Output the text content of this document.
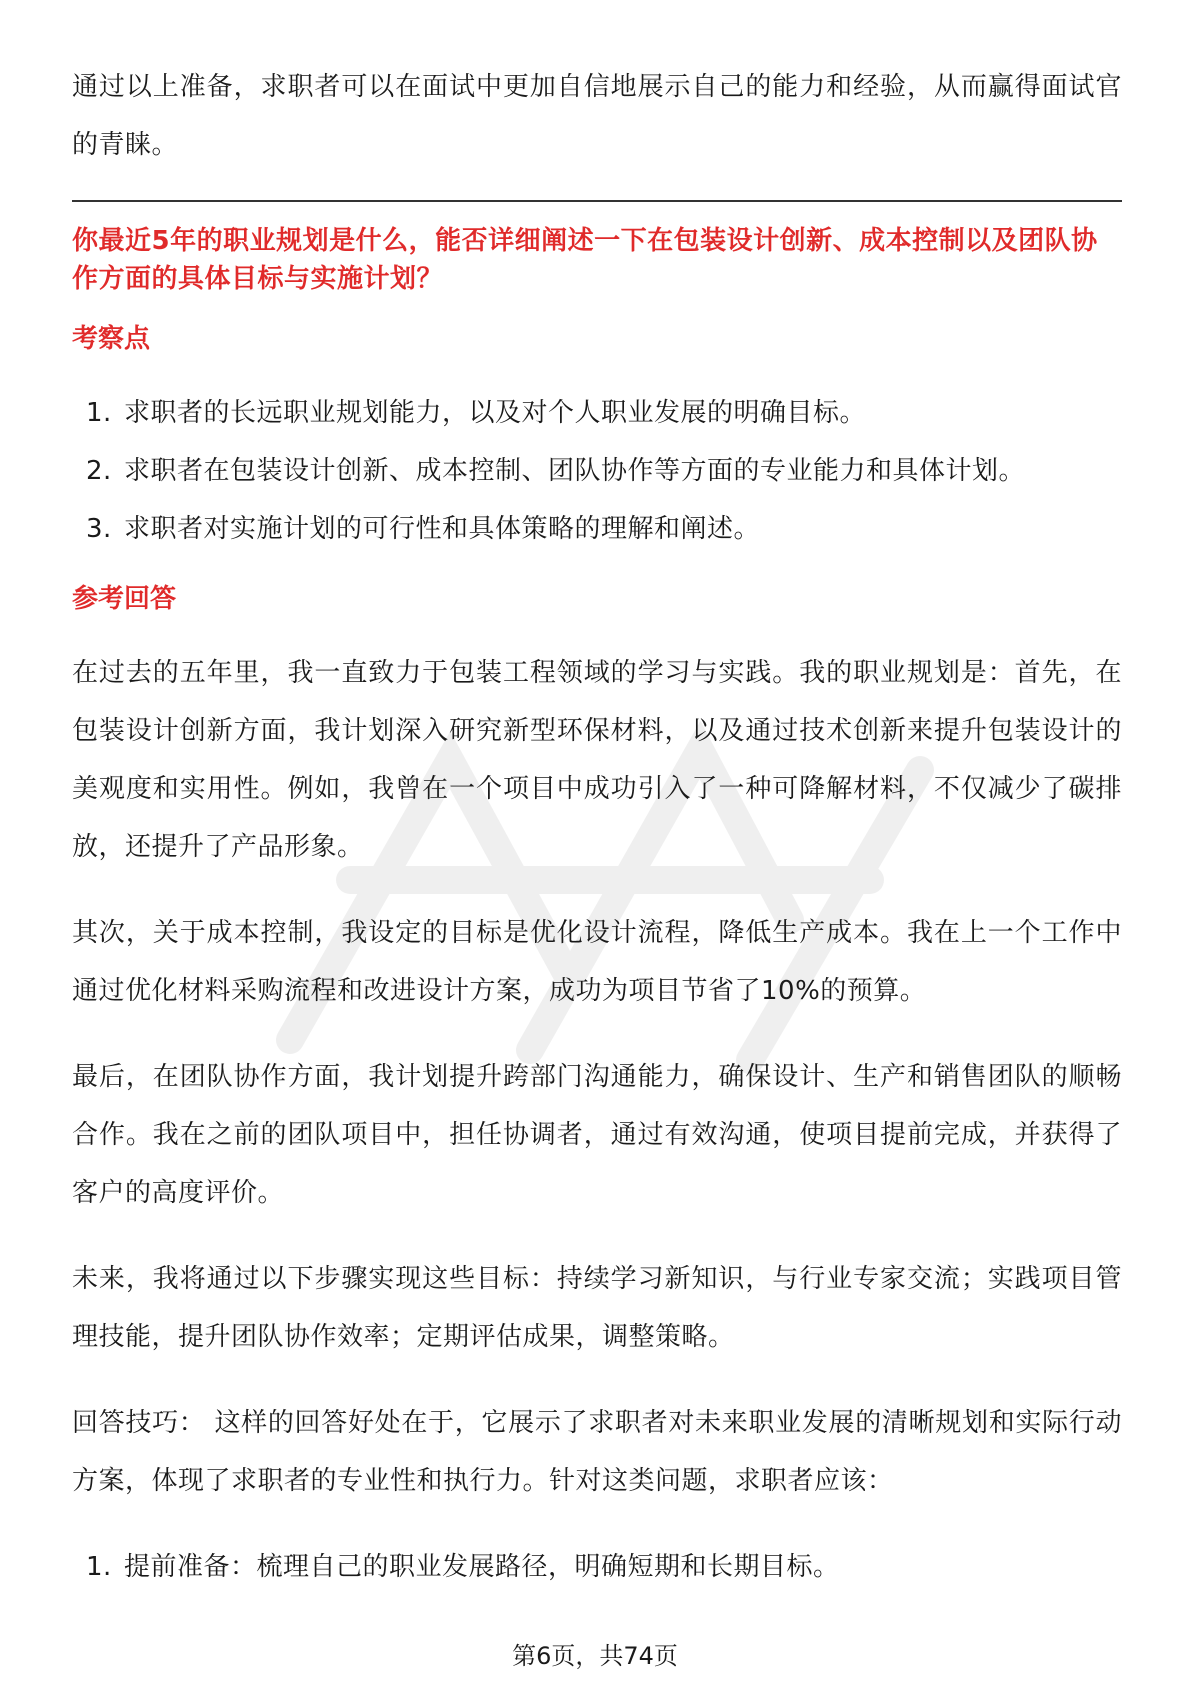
通过以上准备，求职者可以在面试中更加自信地展示自己的能力和经验，从而赢得面试官的青睐。

你最近5年的职业规划是什么，能否详细阐述一下在包装设计创新、成本控制以及团队协作方面的具体目标与实施计划？
考察点
1. 求职者的长远职业规划能力，以及对个人职业发展的明确目标。
2. 求职者在包装设计创新、成本控制、团队协作等方面的专业能力和具体计划。
3. 求职者对实施计划的可行性和具体策略的理解和阐述。
参考回答

在过去的五年里，我一直致力于包装工程领域的学习与实践。我的职业规划是：首先，在包装设计创新方面，我计划深入研究新型环保材料，以及通过技术创新来提升包装设计的美观度和实用性。例如，我曾在一个项目中成功引入了一种可降解材料，不仅减少了碳排放，还提升了产品形象。

其次，关于成本控制，我设定的目标是优化设计流程，降低生产成本。我在上一个工作中通过优化材料采购流程和改进设计方案，成功为项目节省了10%的预算。

最后，在团队协作方面，我计划提升跨部门沟通能力，确保设计、生产和销售团队的顺畅合作。我在之前的团队项目中，担任协调者，通过有效沟通，使项目提前完成，并获得了客户的高度评价。

未来，我将通过以下步骤实现这些目标：持续学习新知识，与行业专家交流；实践项目管理技能，提升团队协作效率；定期评估成果，调整策略。

回答技巧： 这样的回答好处在于，它展示了求职者对未来职业发展的清晰规划和实际行动方案，体现了求职者的专业性和执行力。针对这类问题，求职者应该：

1. 提前准备：梳理自己的职业发展路径，明确短期和长期目标。
第6页，共74页
